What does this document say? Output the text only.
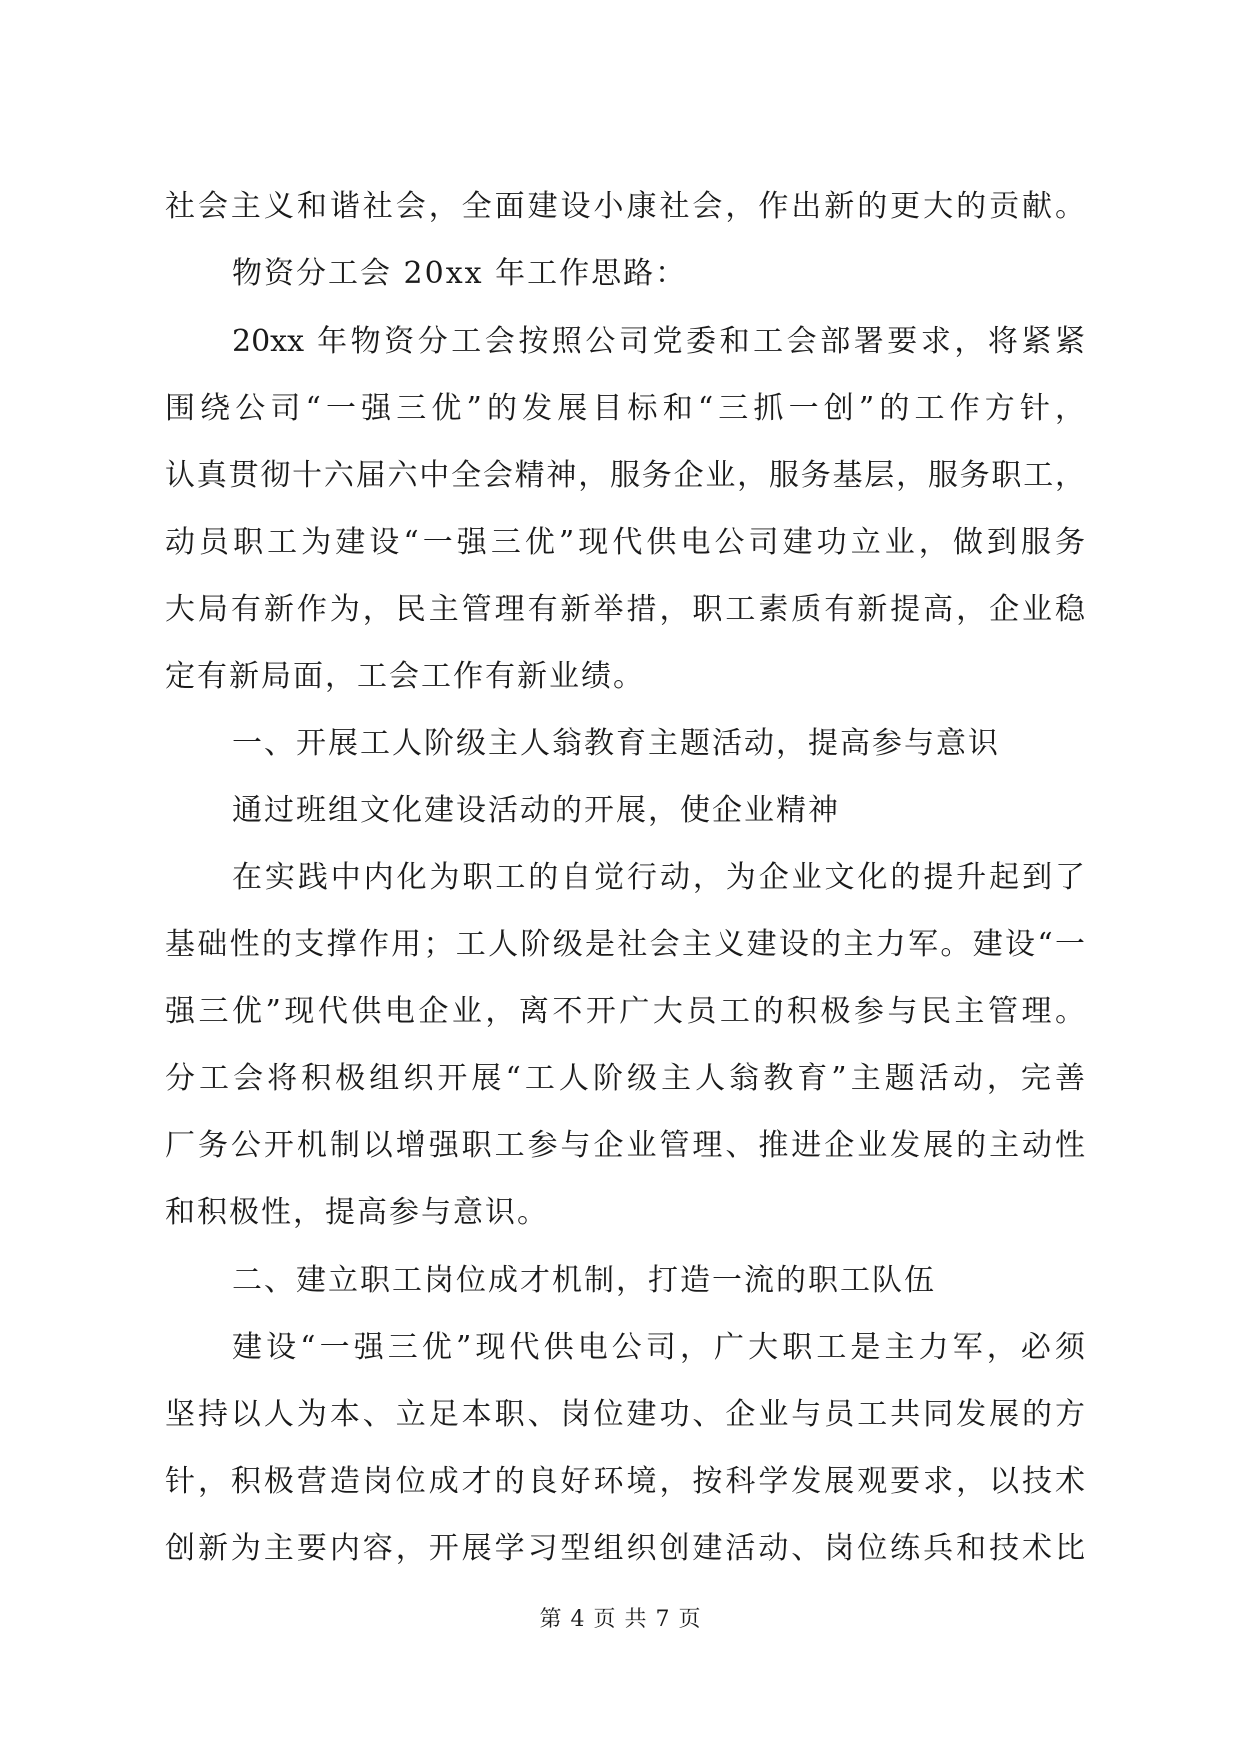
社会主义和谐社会，全面建设小康社会，作出新的更大的贡献。
物资分工会 20xx 年工作思路：
20xx 年物资分工会按照公司党委和工会部署要求，将紧紧
围绕公司“一强三优”的发展目标和“三抓一创”的工作方针，
认真贯彻十六届六中全会精神，服务企业，服务基层，服务职工，
动员职工为建设“一强三优”现代供电公司建功立业，做到服务
大局有新作为，民主管理有新举措，职工素质有新提高，企业稳
定有新局面，工会工作有新业绩。
一、开展工人阶级主人翁教育主题活动，提高参与意识
通过班组文化建设活动的开展，使企业精神
在实践中内化为职工的自觉行动，为企业文化的提升起到了
基础性的支撑作用；工人阶级是社会主义建设的主力军。建设“一
强三优”现代供电企业，离不开广大员工的积极参与民主管理。
分工会将积极组织开展“工人阶级主人翁教育”主题活动，完善
厂务公开机制以增强职工参与企业管理、推进企业发展的主动性
和积极性，提高参与意识。
二、建立职工岗位成才机制，打造一流的职工队伍
建设“一强三优”现代供电公司，广大职工是主力军，必须
坚持以人为本、立足本职、岗位建功、企业与员工共同发展的方
针，积极营造岗位成才的良好环境，按科学发展观要求，以技术
创新为主要内容，开展学习型组织创建活动、岗位练兵和技术比
第 4 页 共 7 页
